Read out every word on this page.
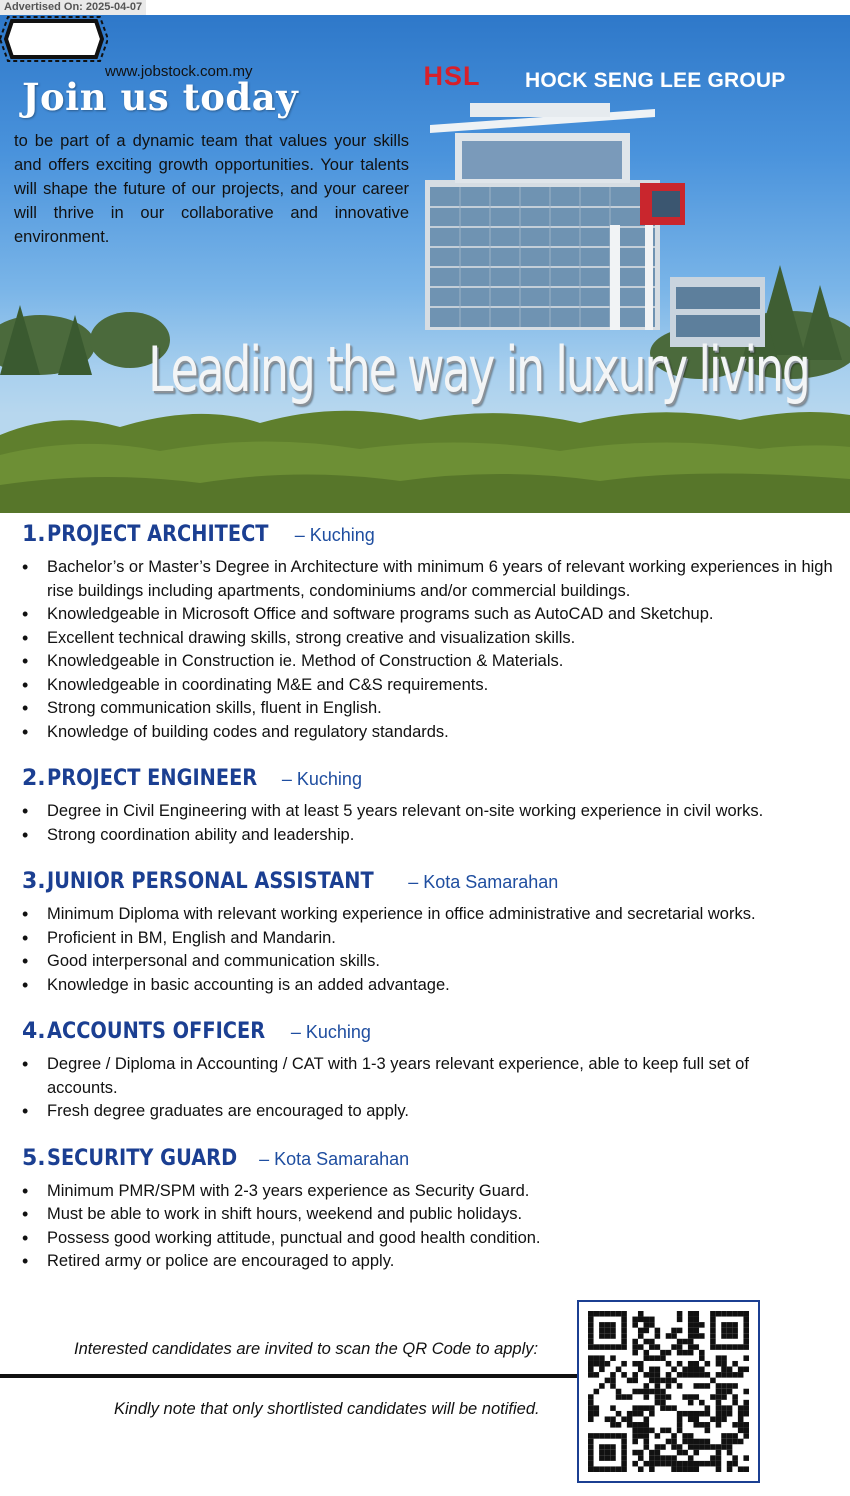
Advertised On: 2025-04-07
www.jobstock.com.my
Join us today
to be part of a dynamic team that values your skills and offers exciting growth opportunities. Your talents will shape the future of our projects, and your career will thrive in our collaborative and innovative environment.
HSL	HOCK SENG LEE GROUP
Leading the way in luxury living
1. PROJECT ARCHITECT – Kuching
• Bachelor’s or Master’s Degree in Architecture with minimum 6 years of relevant working experiences in high rise buildings including apartments, condominiums and/or commercial buildings.
• Knowledgeable in Microsoft Office and software programs such as AutoCAD and Sketchup.
• Excellent technical drawing skills, strong creative and visualization skills.
• Knowledgeable in Construction ie. Method of Construction & Materials.
• Knowledgeable in coordinating M&E and C&S requirements.
• Strong communication skills, fluent in English.
• Knowledge of building codes and regulatory standards.
2. PROJECT ENGINEER – Kuching
• Degree in Civil Engineering with at least 5 years relevant on-site working experience in civil works.
• Strong coordination ability and leadership.
3. JUNIOR PERSONAL ASSISTANT – Kota Samarahan
• Minimum Diploma with relevant working experience in office administrative and secretarial works.
• Proficient in BM, English and Mandarin.
• Good interpersonal and communication skills.
• Knowledge in basic accounting is an added advantage.
4. ACCOUNTS OFFICER – Kuching
• Degree / Diploma in Accounting / CAT with 1-3 years relevant experience, able to keep full set of accounts.
• Fresh degree graduates are encouraged to apply.
5. SECURITY GUARD – Kota Samarahan
• Minimum PMR/SPM with 2-3 years experience as Security Guard.
• Must be able to work in shift hours, weekend and public holidays.
• Possess good working attitude, punctual and good health condition.
• Retired army or police are encouraged to apply.
Interested candidates are invited to scan the QR Code to apply:
Kindly note that only shortlisted candidates will be notified.
